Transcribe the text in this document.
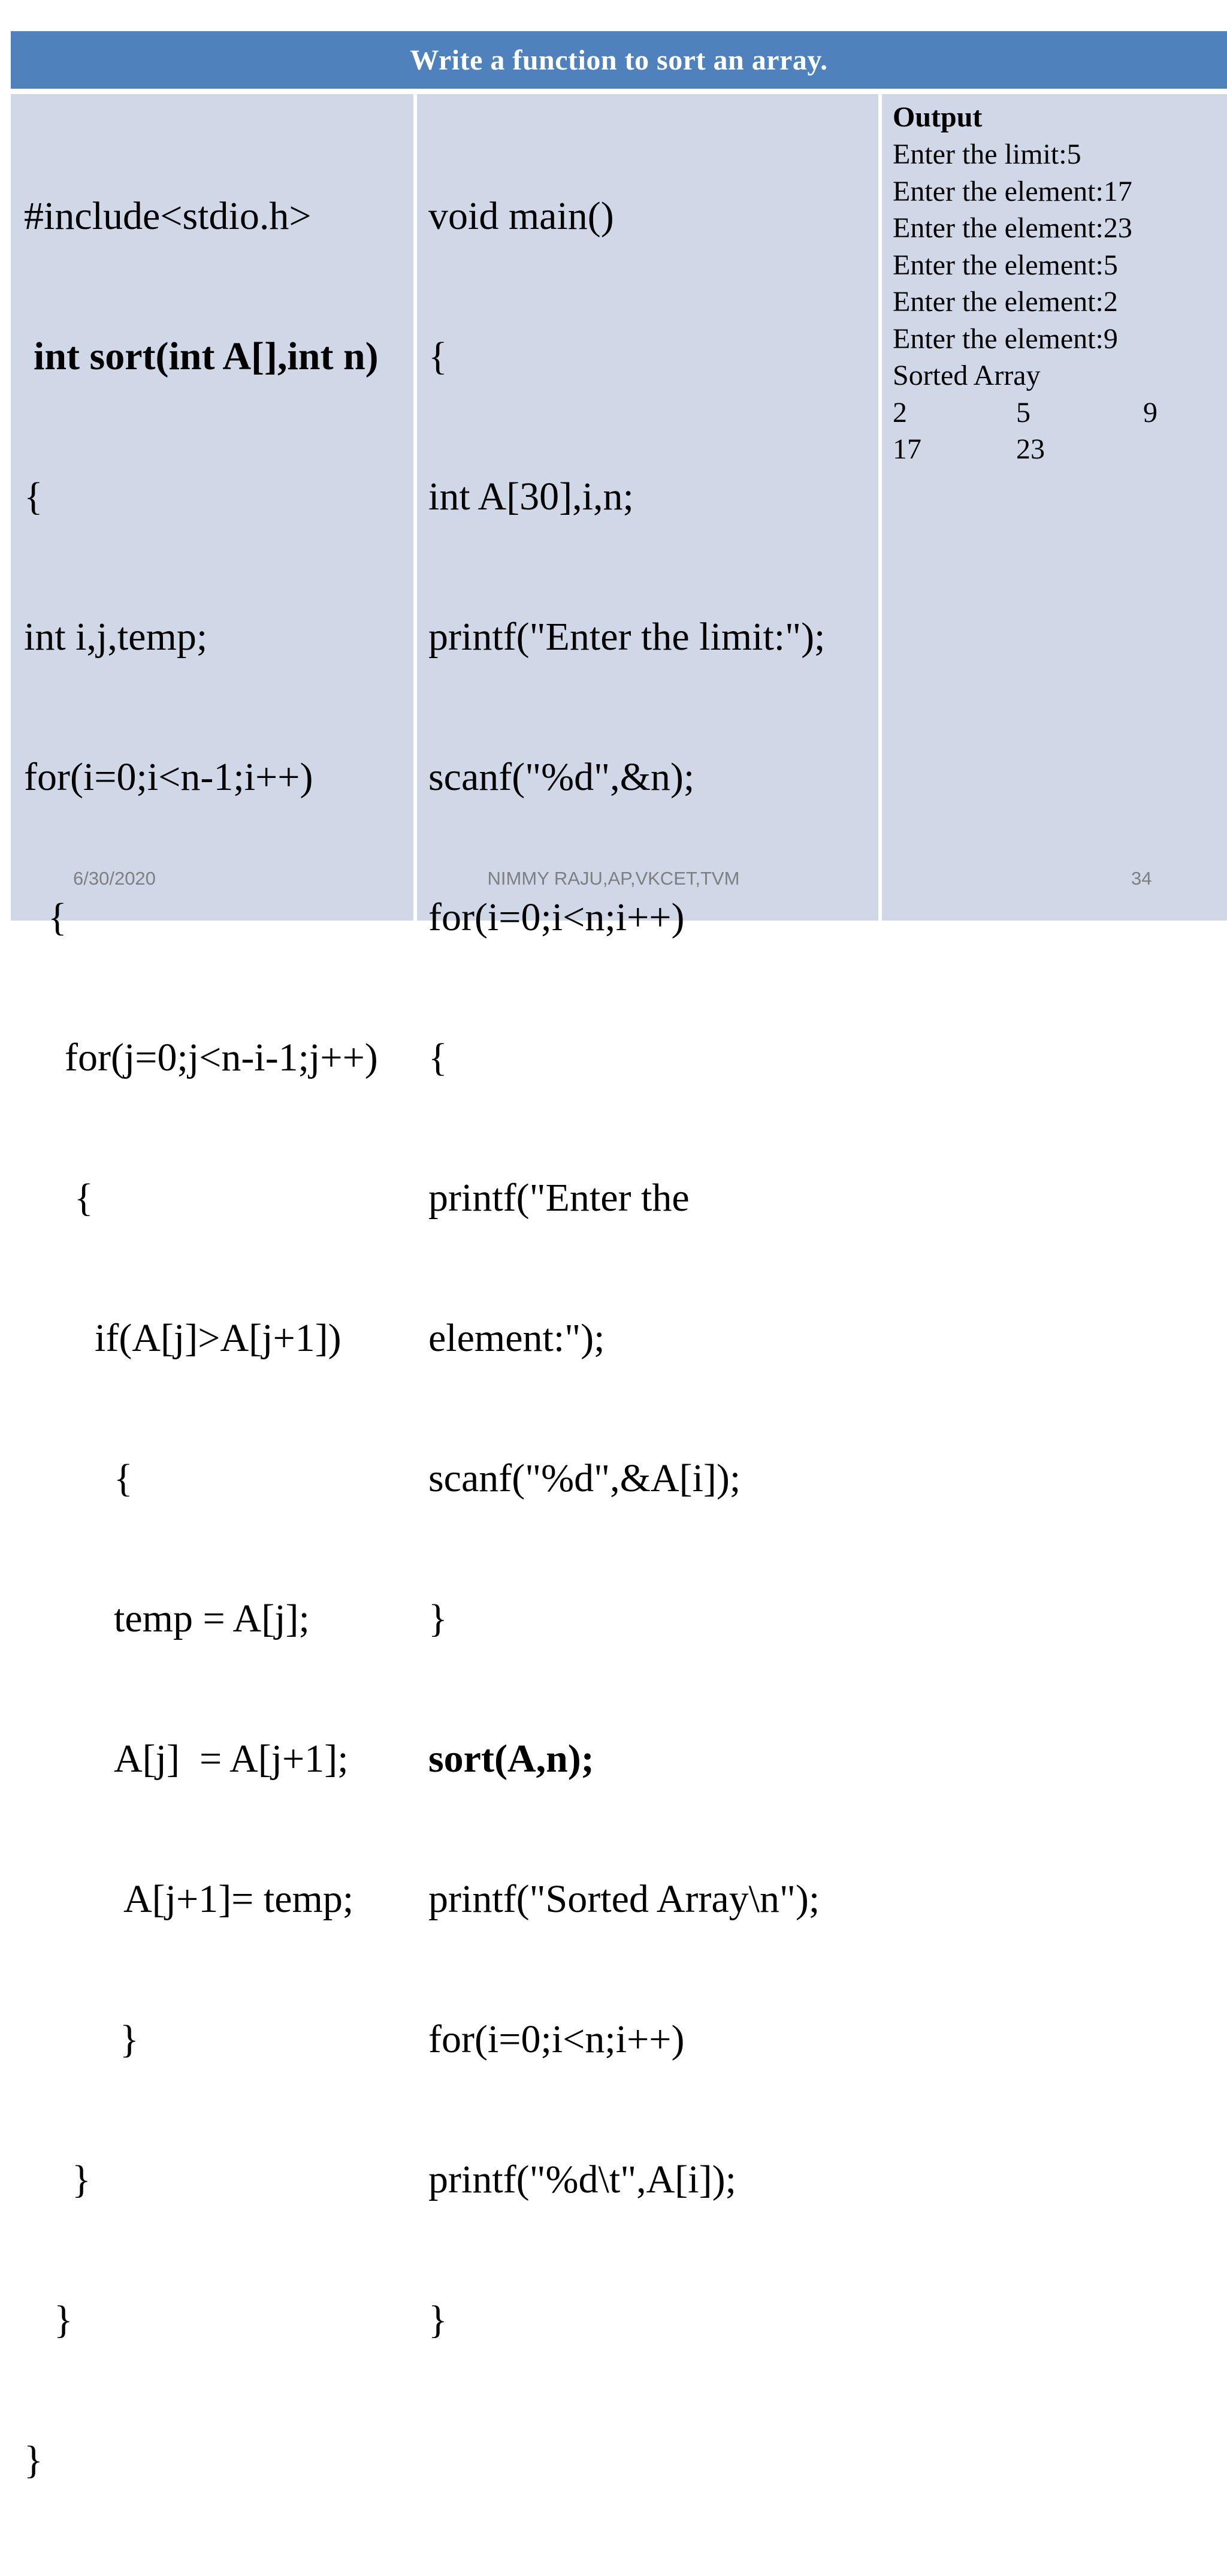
Write a function to sort an array.

#include<stdio.h>

int sort(int A[],int n)

{

int i,j,temp;

for(i=0;i<n-1;i++)

{

for(j=0;j<n-i-1;j++)

{

if(A[j]>A[j+1])

{

temp = A[j];

A[j]  = A[j+1];

A[j+1]= temp;

}

}

}

}

void main()

{

int A[30],i,n;

printf("Enter the limit:");

scanf("%d",&n);

for(i=0;i<n;i++)

{

printf("Enter the

element:");

scanf("%d",&A[i]);

}

sort(A,n);

printf("Sorted Array\n");

for(i=0;i<n;i++)

printf("%d\t",A[i]);

}

Output
Enter the limit:5
Enter the element:17
Enter the element:23
Enter the element:5
Enter the element:2
Enter the element:9
Sorted Array
2	5	9
17	23
6/30/2020	NIMMY RAJU,AP,VKCET,TVM	34
